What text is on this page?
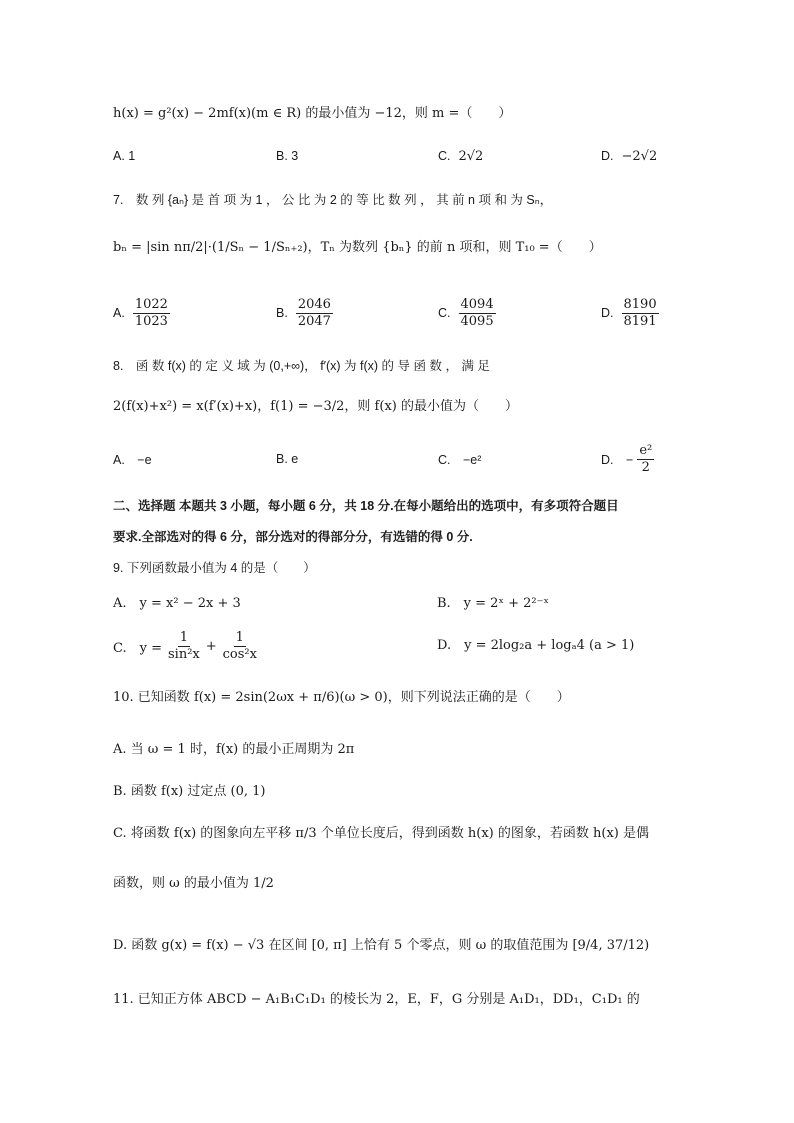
h(x) = g²(x) − 2mf(x)(m ∈ R) 的最小值为 −12，则 m =（　　）
A. 1	B. 3	C. 2√2	D. −2√2
7.　数 列 {aₙ} 是 首 项 为 1 ， 公 比 为 2 的 等 比 数 列 ， 其 前 n 项 和 为 Sₙ，
bₙ = |sin nπ/2|·(1/Sₙ − 1/Sₙ₊₂)，Tₙ 为数列 {bₙ} 的前 n 项和，则 T₁₀ =（　　）
A. $\frac{1022}{1023}$	B. $\frac{2046}{2047}$	C. $\frac{4094}{4095}$	D. $\frac{8190}{8191}$
8.　函 数 f(x) 的 定 义 域 为 (0,+∞)， f′(x) 为 f(x) 的 导 函 数 ， 满 足
2(f(x)+x²) = x(f′(x)+x)，f(1) = −3/2，则 f(x) 的最小值为（　　）
A.　−e	B. e	C.　−e²	D.　− $\frac{\text{e²}}{2}$
二、选择题 本题共 3 小题，每小题 6 分，共 18 分.在每小题给出的选项中，有多项符合题目
要求.全部选对的得 6 分，部分选对的得部分分，有选错的得 0 分.
9. 下列函数最小值为 4 的是（　　）
A.　y = x² − 2x + 3	B.　y = 2ˣ + 2²⁻ˣ
C.　$y = \frac{1}{\text{sin²x}} + \frac{1}{\text{cos²x}}$	D.　y = 2log₂a + logₐ4 (a > 1)
10. 已知函数 f(x) = 2sin(2ωx + π/6)(ω > 0)，则下列说法正确的是（　　）
A. 当 ω = 1 时，f(x) 的最小正周期为 2π
B. 函数 f(x) 过定点 (0, 1)
C. 将函数 f(x) 的图象向左平移 π/3 个单位长度后，得到函数 h(x) 的图象，若函数 h(x) 是偶
函数，则 ω 的最小值为 1/2
D. 函数 g(x) = f(x) − √3 在区间 [0, π] 上恰有 5 个零点，则 ω 的取值范围为 [9/4, 37/12)
11. 已知正方体 ABCD − A₁B₁C₁D₁ 的棱长为 2，E，F，G 分别是 A₁D₁，DD₁，C₁D₁ 的
